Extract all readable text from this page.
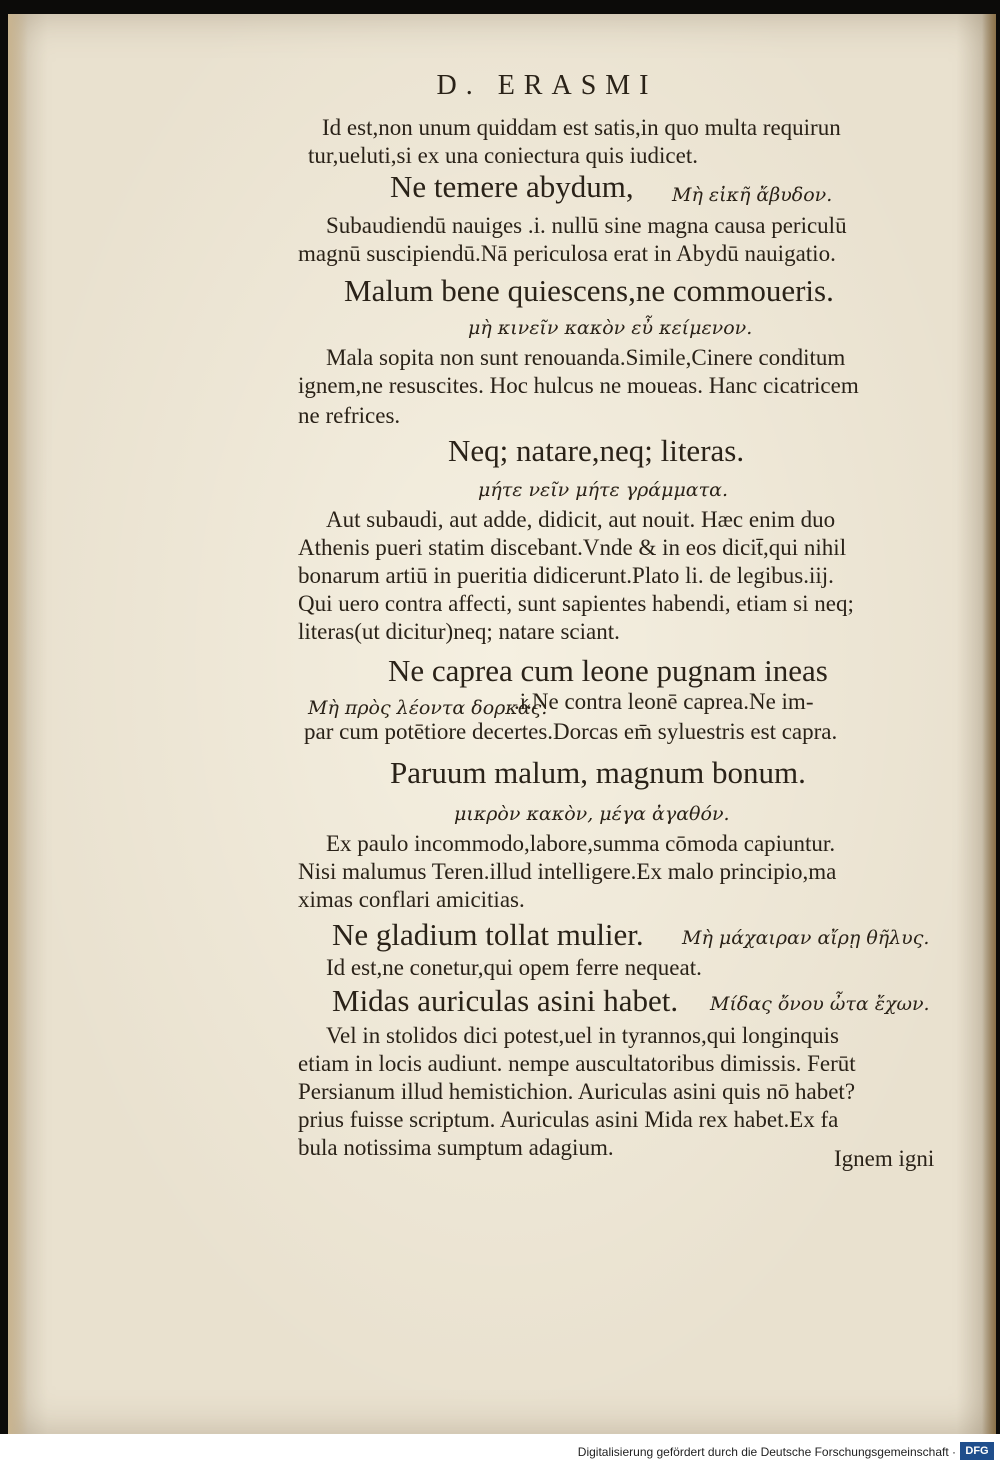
D. ERASMI
Id est,non unum quiddam est satis,in quo multa requirun
tur,ueluti,si ex una coniectura quis iudicet.
Ne temere abydum, Μὴ εἰκῆ ἄβυδον.
Subaudiendū nauiges .i. nullū sine magna causa periculū
magnū suscipiendū.Nā periculosa erat in Abydū nauigatio.
Malum bene quiescens,ne commoueris.
μὴ κινεῖν κακὸν εὖ κείμενον.
Mala sopita non sunt renouanda.Simile,Cinere conditum
ignem,ne resuscites. Hoc hulcus ne moueas. Hanc cicatricem
ne refrices.
Neq; natare,neq; literas.
μήτε νεῖν μήτε γράμματα.
Aut subaudi, aut adde, didicit, aut nouit. Hæc enim duo
Athenis pueri statim discebant.Vnde & in eos dicit̄,qui nihil
bonarum artiū in pueritia didicerunt.Plato li. de legibus.iij.
Qui uero contra affecti, sunt sapientes habendi, etiam si neq;
literas(ut dicitur)neq; natare sciant.
Ne caprea cum leone pugnam ineas
Μὴ πρὸς λέοντα δορκάς.
.i.Ne contra leonē caprea.Ne im-
par cum potētiore decertes.Dorcas em̄ syluestris est capra.
Paruum malum, magnum bonum.
μικρὸν κακὸν, μέγα ἀγαθόν.
Ex paulo incommodo,labore,summa cōmoda capiuntur.
Nisi malumus Teren.illud intelligere.Ex malo principio,ma
ximas conflari amicitias.
Ne gladium tollat mulier. Μὴ μάχαιραν αἴρῃ θῆλυς.
Id est,ne conetur,qui opem ferre nequeat.
Midas auriculas asini habet. Μίδας ὄνου ὦτα ἔχων.
Vel in stolidos dici potest,uel in tyrannos,qui longinquis
etiam in locis audiunt. nempe auscultatoribus dimissis. Ferūt
Persianum illud hemistichion. Auriculas asini quis nō habet?
prius fuisse scriptum. Auriculas asini Mida rex habet.Ex fa
bula notissima sumptum adagium.	Ignem igni
Digitalisierung gefördert durch die Deutsche Forschungsgemeinschaft · DFG
